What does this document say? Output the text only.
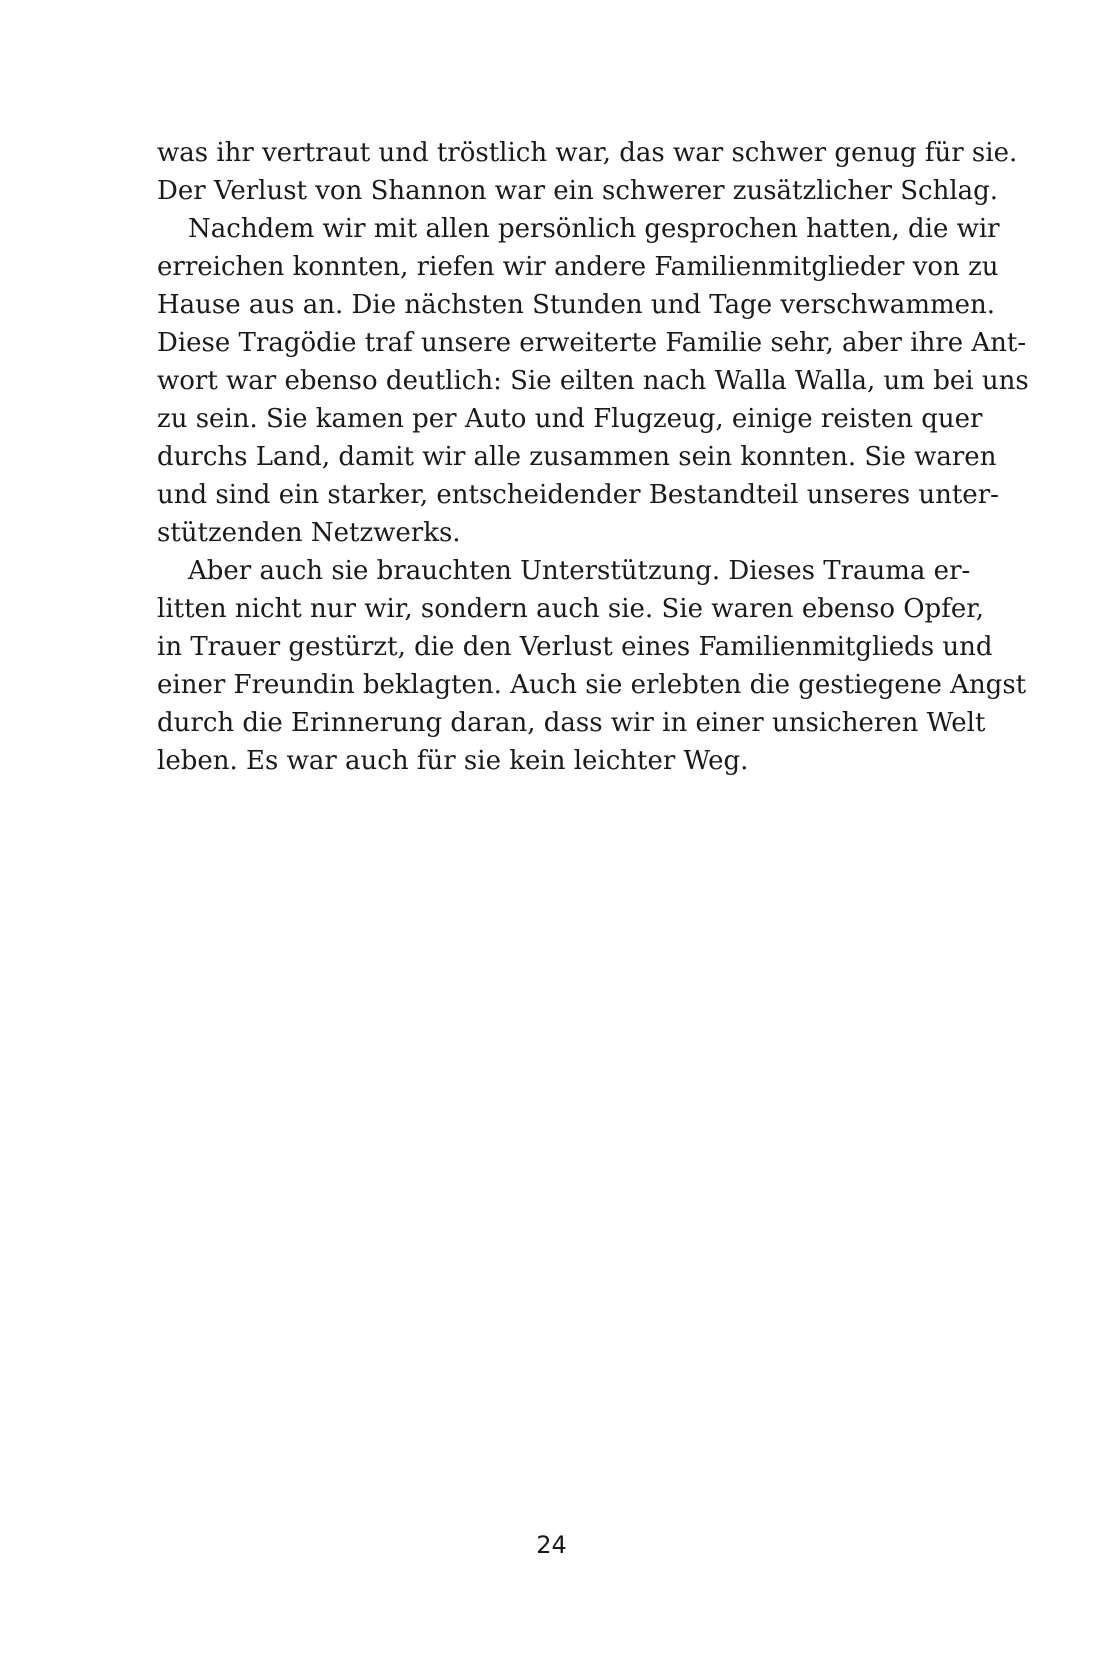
was ihr vertraut und tröstlich war, das war schwer genug für sie.
Der Verlust von Shannon war ein schwerer zusätzlicher Schlag.
Nachdem wir mit allen persönlich gesprochen hatten, die wir
erreichen konnten, riefen wir andere Familienmitglieder von zu
Hause aus an. Die nächsten Stunden und Tage verschwammen.
Diese Tragödie traf unsere erweiterte Familie sehr, aber ihre Ant-
wort war ebenso deutlich: Sie eilten nach Walla Walla, um bei uns
zu sein. Sie kamen per Auto und Flugzeug, einige reisten quer
durchs Land, damit wir alle zusammen sein konnten. Sie waren
und sind ein starker, entscheidender Bestandteil unseres unter-
stützenden Netzwerks.
Aber auch sie brauchten Unterstützung. Dieses Trauma er-
litten nicht nur wir, sondern auch sie. Sie waren ebenso Opfer,
in Trauer gestürzt, die den Verlust eines Familienmitglieds und
einer Freundin beklagten. Auch sie erlebten die gestiegene Angst
durch die Erinnerung daran, dass wir in einer unsicheren Welt
leben. Es war auch für sie kein leichter Weg.
24
